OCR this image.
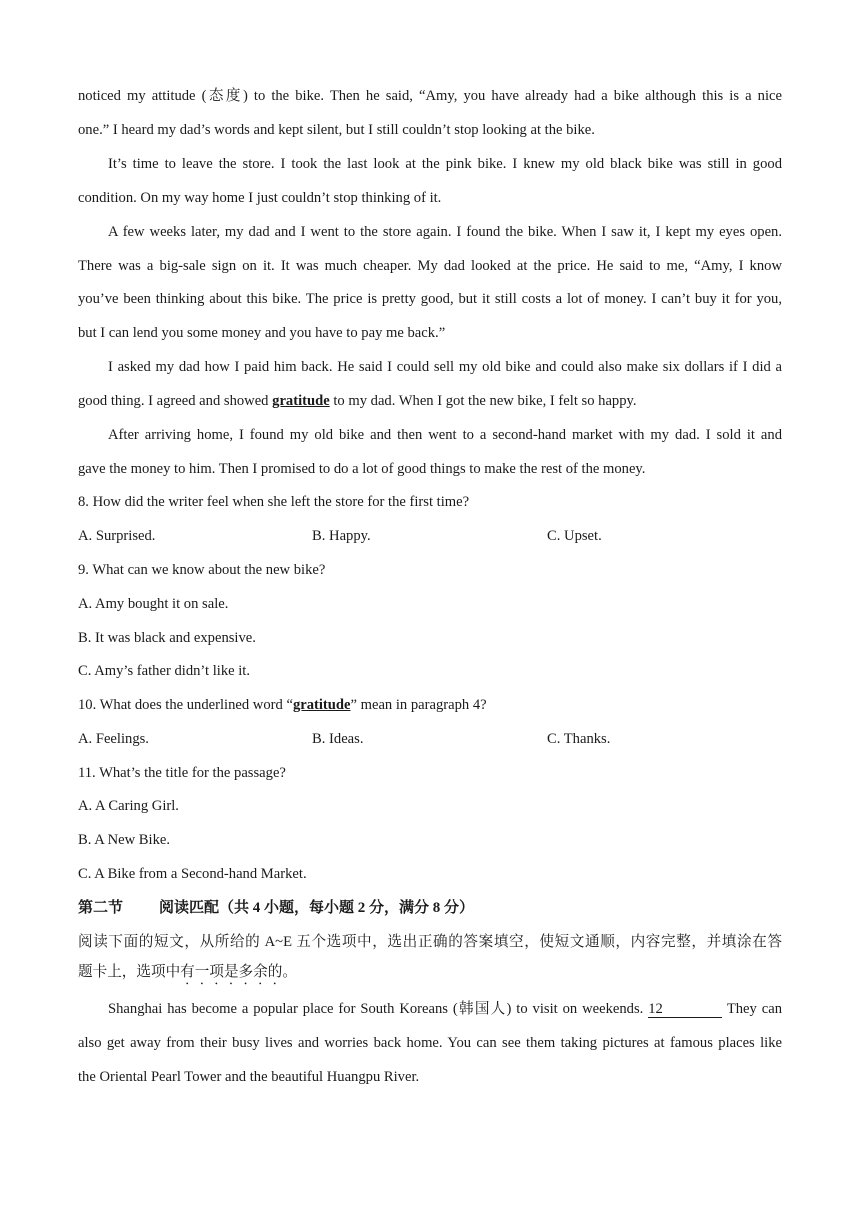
noticed my attitude (态度) to the bike. Then he said, “Amy, you have already had a bike although this is a nice

one.” I heard my dad’s words and kept silent, but I still couldn’t stop looking at the bike.

It’s time to leave the store. I took the last look at the pink bike. I knew my old black bike was still in good

condition. On my way home I just couldn’t stop thinking of it.

A few weeks later, my dad and I went to the store again. I found the bike. When I saw it, I kept my eyes open.

There was a big-sale sign on it. It was much cheaper. My dad looked at the price. He said to me, “Amy, I know

you’ve been thinking about this bike. The price is pretty good, but it still costs a lot of money. I can’t buy it for you,

but I can lend you some money and you have to pay me back.”

I asked my dad how I paid him back. He said I could sell my old bike and could also make six dollars if I did a

good thing. I agreed and showed gratitude to my dad. When I got the new bike, I felt so happy.

After arriving home, I found my old bike and then went to a second-hand market with my dad. I sold it and

gave the money to him. Then I promised to do a lot of good things to make the rest of the money.

8. How did the writer feel when she left the store for the first time?

A. Surprised.	B. Happy.	C. Upset.

9. What can we know about the new bike?

A. Amy bought it on sale.

B. It was black and expensive.

C. Amy’s father didn’t like it.

10. What does the underlined word “gratitude” mean in paragraph 4?

A. Feelings.	B. Ideas.	C. Thanks.

11. What’s the title for the passage?

A. A Caring Girl.

B. A New Bike.

C. A Bike from a Second-hand Market.

第二节 阅读匹配（共 4 小题，每小题 2 分，满分 8 分）

阅读下面的短文，从所给的 A~E 五个选项中，选出正确的答案填空，使短文通顺，内容完整，并填涂在答

题卡上，选项中有一项是多余的。

Shanghai has become a popular place for South Koreans (韩国人) to visit on weekends. 12	They can

also get away from their busy lives and worries back home. You can see them taking pictures at famous places like

the Oriental Pearl Tower and the beautiful Huangpu River.
